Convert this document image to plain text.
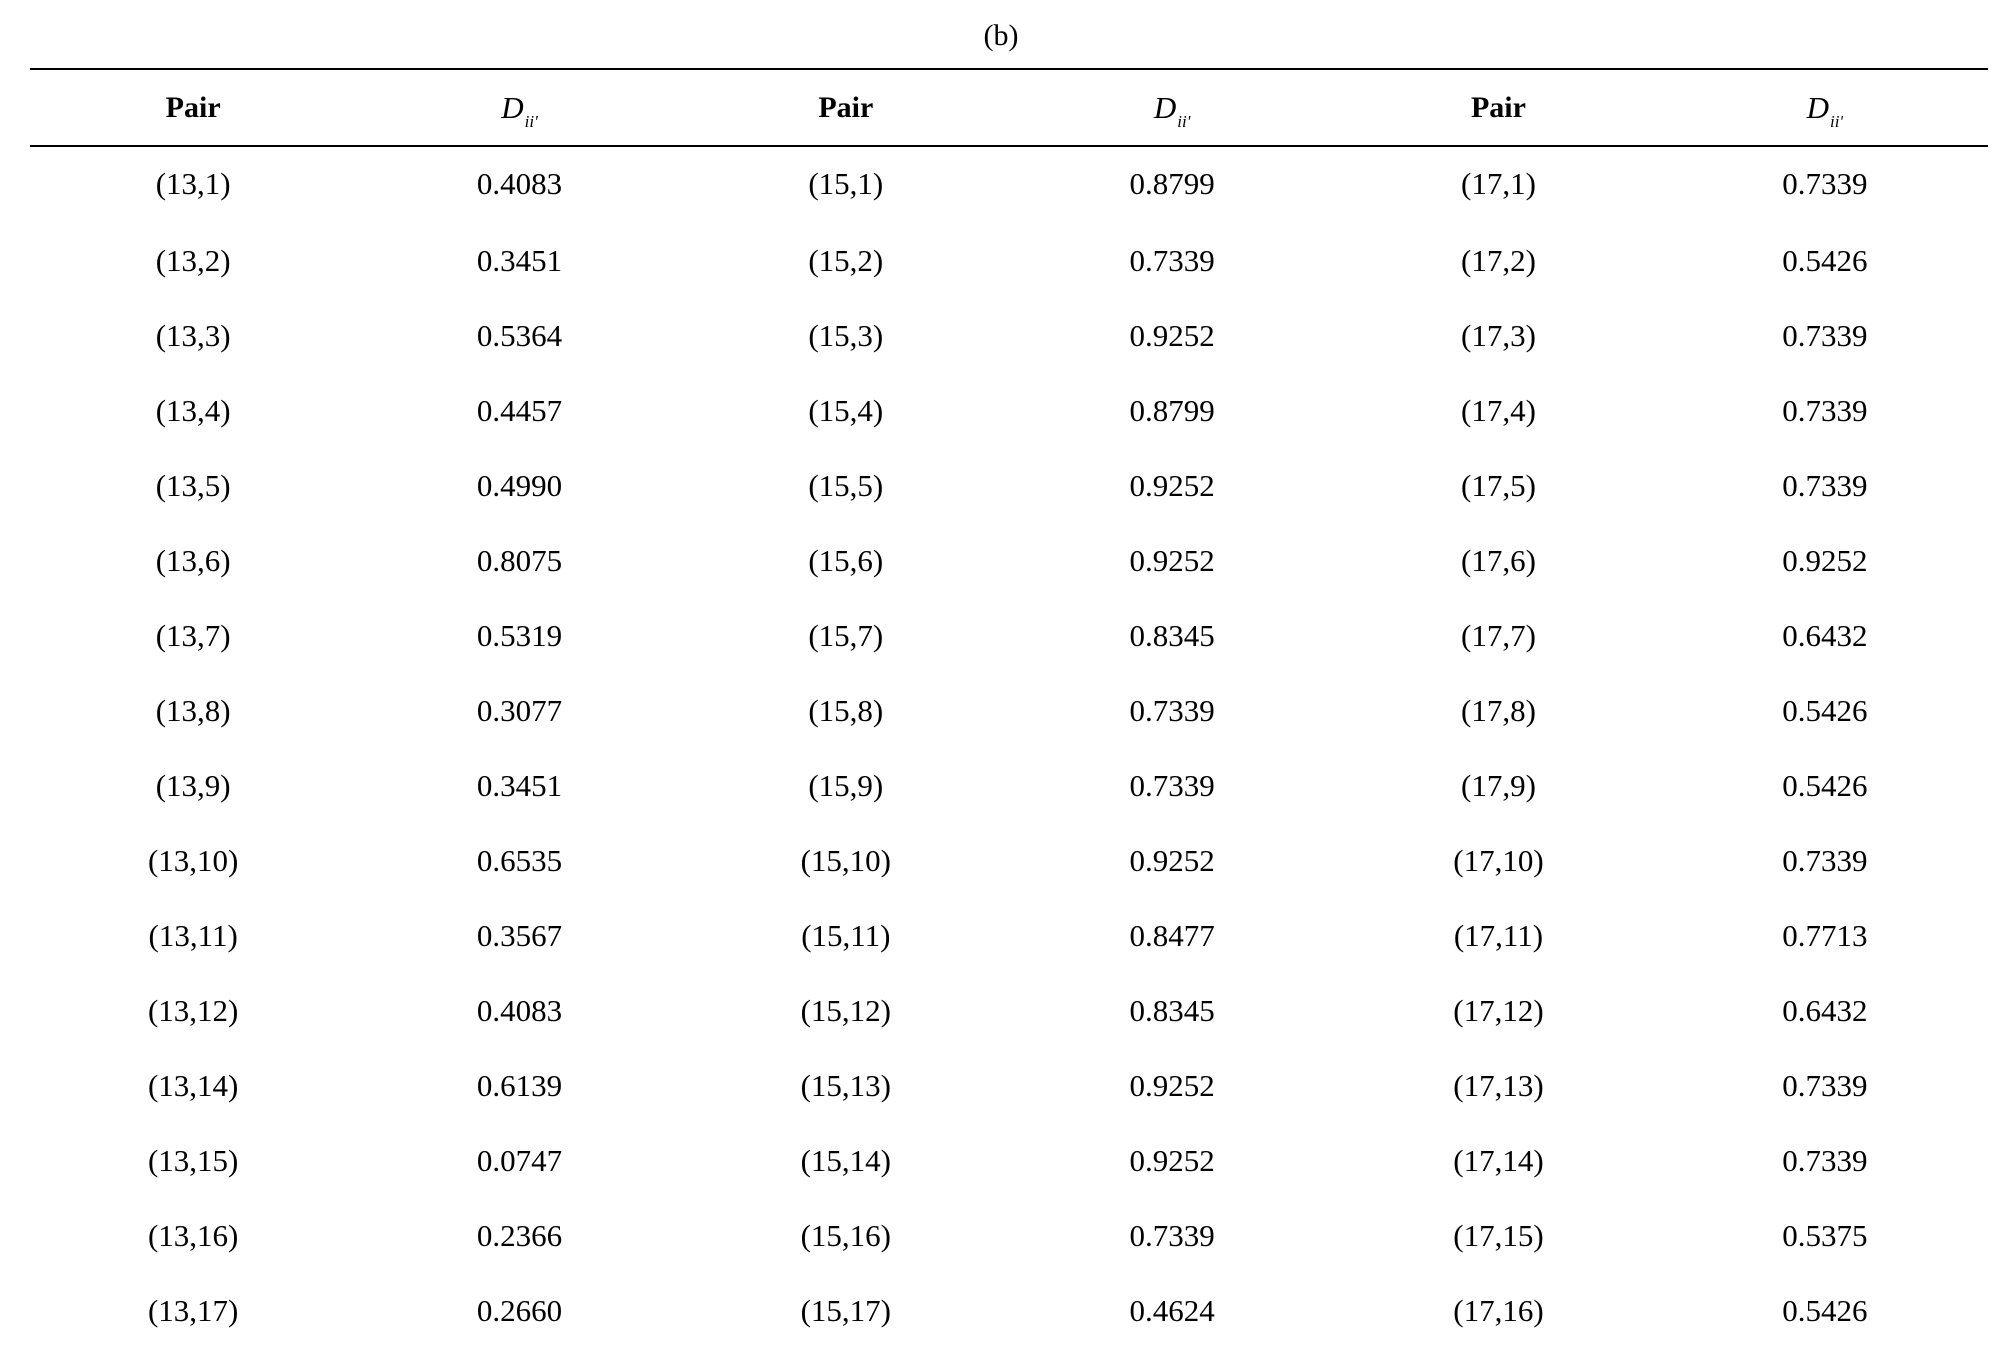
(b)
Pair	$D_{ii'}$	Pair	$D_{ii'}$	Pair	$D_{ii'}$
(13,1)	0.4083	(15,1)	0.8799	(17,1)	0.7339
(13,2)	0.3451	(15,2)	0.7339	(17,2)	0.5426
(13,3)	0.5364	(15,3)	0.9252	(17,3)	0.7339
(13,4)	0.4457	(15,4)	0.8799	(17,4)	0.7339
(13,5)	0.4990	(15,5)	0.9252	(17,5)	0.7339
(13,6)	0.8075	(15,6)	0.9252	(17,6)	0.9252
(13,7)	0.5319	(15,7)	0.8345	(17,7)	0.6432
(13,8)	0.3077	(15,8)	0.7339	(17,8)	0.5426
(13,9)	0.3451	(15,9)	0.7339	(17,9)	0.5426
(13,10)	0.6535	(15,10)	0.9252	(17,10)	0.7339
(13,11)	0.3567	(15,11)	0.8477	(17,11)	0.7713
(13,12)	0.4083	(15,12)	0.8345	(17,12)	0.6432
(13,14)	0.6139	(15,13)	0.9252	(17,13)	0.7339
(13,15)	0.0747	(15,14)	0.9252	(17,14)	0.7339
(13,16)	0.2366	(15,16)	0.7339	(17,15)	0.5375
(13,17)	0.2660	(15,17)	0.4624	(17,16)	0.5426
